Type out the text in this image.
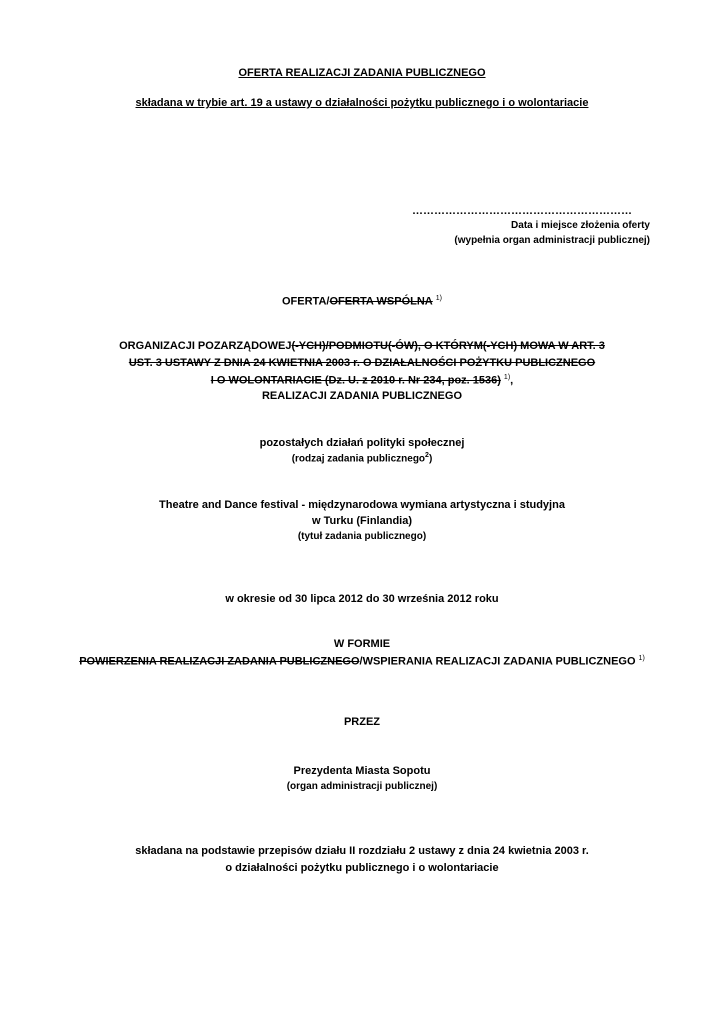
OFERTA REALIZACJI ZADANIA PUBLICZNEGO
składana w trybie art. 19 a ustawy o działalności pożytku publicznego i o wolontariacie
……………………………………………………
Data i miejsce złożenia oferty
(wypełnia organ administracji publicznej)
OFERTA/OFERTA WSPÓLNA $^{1)}$
ORGANIZACJI POZARZĄDOWEJ(-YCH)/PODMIOTU(-ÓW), O KTÓRYM(-YCH) MOWA W ART. 3
UST. 3 USTAWY Z DNIA 24 KWIETNIA 2003 r. O DZIAŁALNOŚCI POŻYTKU PUBLICZNEGO
I O WOLONTARIACIE (Dz. U. z 2010 r. Nr 234, poz. 1536) $^{1)}$,
REALIZACJI ZADANIA PUBLICZNEGO
pozostałych działań polityki społecznej
(rodzaj zadania publicznego$^2$)
Theatre and Dance festival - międzynarodowa wymiana artystyczna i studyjna
w Turku (Finlandia)
(tytuł zadania publicznego)
w okresie od 30 lipca 2012 do 30 września 2012 roku
W FORMIE
POWIERZENIA REALIZACJI ZADANIA PUBLICZNEGO/WSPIERANIA REALIZACJI ZADANIA PUBLICZNEGO $^{1)}$
PRZEZ
Prezydenta Miasta Sopotu
(organ administracji publicznej)
składana na podstawie przepisów działu II rozdziału 2 ustawy z dnia 24 kwietnia 2003 r.
o działalności pożytku publicznego i o wolontariacie
